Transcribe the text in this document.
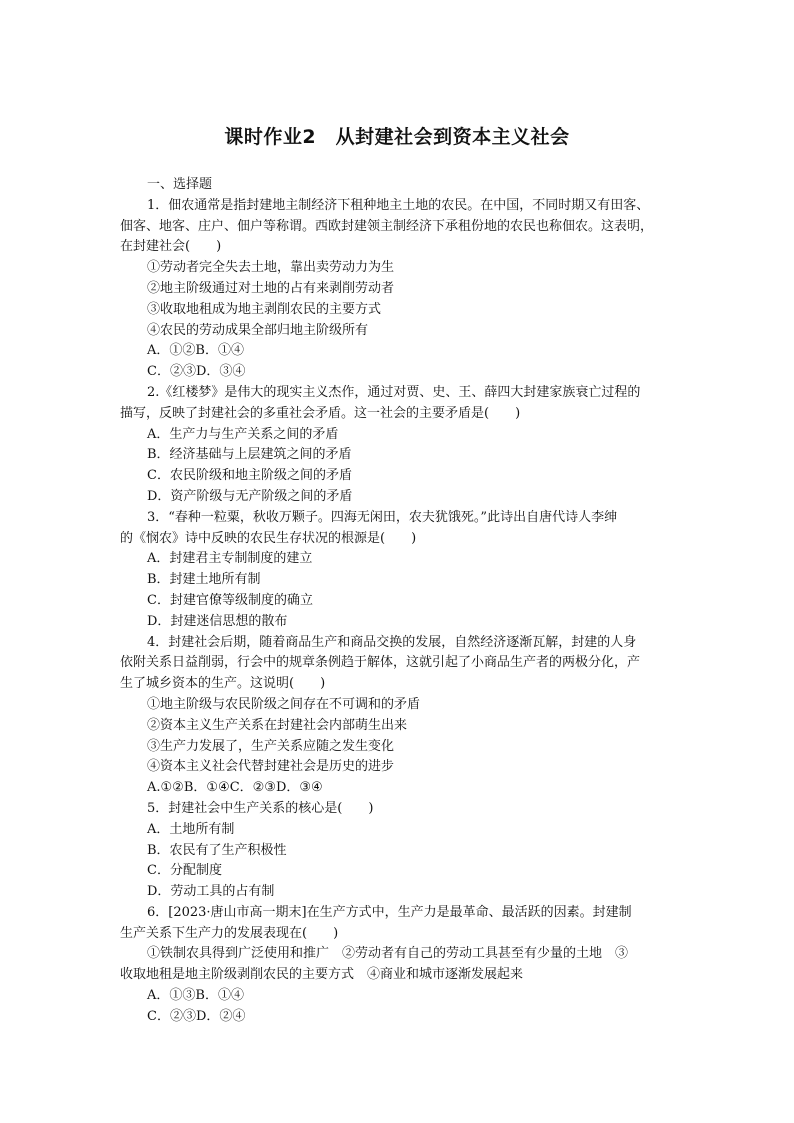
课时作业2　从封建社会到资本主义社会
一、选择题
1．佃农通常是指封建地主制经济下租种地主土地的农民。在中国，不同时期又有田客、
佃客、地客、庄户、佃户等称谓。西欧封建领主制经济下承租份地的农民也称佃农。这表明，
在封建社会(　　)
①劳动者完全失去土地，靠出卖劳动力为生
②地主阶级通过对土地的占有来剥削劳动者
③收取地租成为地主剥削农民的主要方式
④农民的劳动成果全部归地主阶级所有
A．①②B．①④
C．②③D．③④
2.《红楼梦》是伟大的现实主义杰作，通过对贾、史、王、薛四大封建家族衰亡过程的
描写，反映了封建社会的多重社会矛盾。这一社会的主要矛盾是(　　)
A．生产力与生产关系之间的矛盾
B．经济基础与上层建筑之间的矛盾
C．农民阶级和地主阶级之间的矛盾
D．资产阶级与无产阶级之间的矛盾
3．“春种一粒粟，秋收万颗子。四海无闲田，农夫犹饿死。”此诗出自唐代诗人李绅
的《悯农》诗中反映的农民生存状况的根源是(　　)
A．封建君主专制制度的建立
B．封建土地所有制
C．封建官僚等级制度的确立
D．封建迷信思想的散布
4．封建社会后期，随着商品生产和商品交换的发展，自然经济逐渐瓦解，封建的人身
依附关系日益削弱，行会中的规章条例趋于解体，这就引起了小商品生产者的两极分化，产
生了城乡资本的生产。这说明(　　)
①地主阶级与农民阶级之间存在不可调和的矛盾
②资本主义生产关系在封建社会内部萌生出来
③生产力发展了，生产关系应随之发生变化
④资本主义社会代替封建社会是历史的进步
A.①②B．①④C．②③D．③④
5．封建社会中生产关系的核心是(　　)
A．土地所有制
B．农民有了生产积极性
C．分配制度
D．劳动工具的占有制
6．[2023·唐山市高一期末]在生产方式中，生产力是最革命、最活跃的因素。封建制
生产关系下生产力的发展表现在(　　)
①铁制农具得到广泛使用和推广　②劳动者有自己的劳动工具甚至有少量的土地　③
收取地租是地主阶级剥削农民的主要方式　④商业和城市逐渐发展起来
A．①③B．①④
C．②③D．②④
